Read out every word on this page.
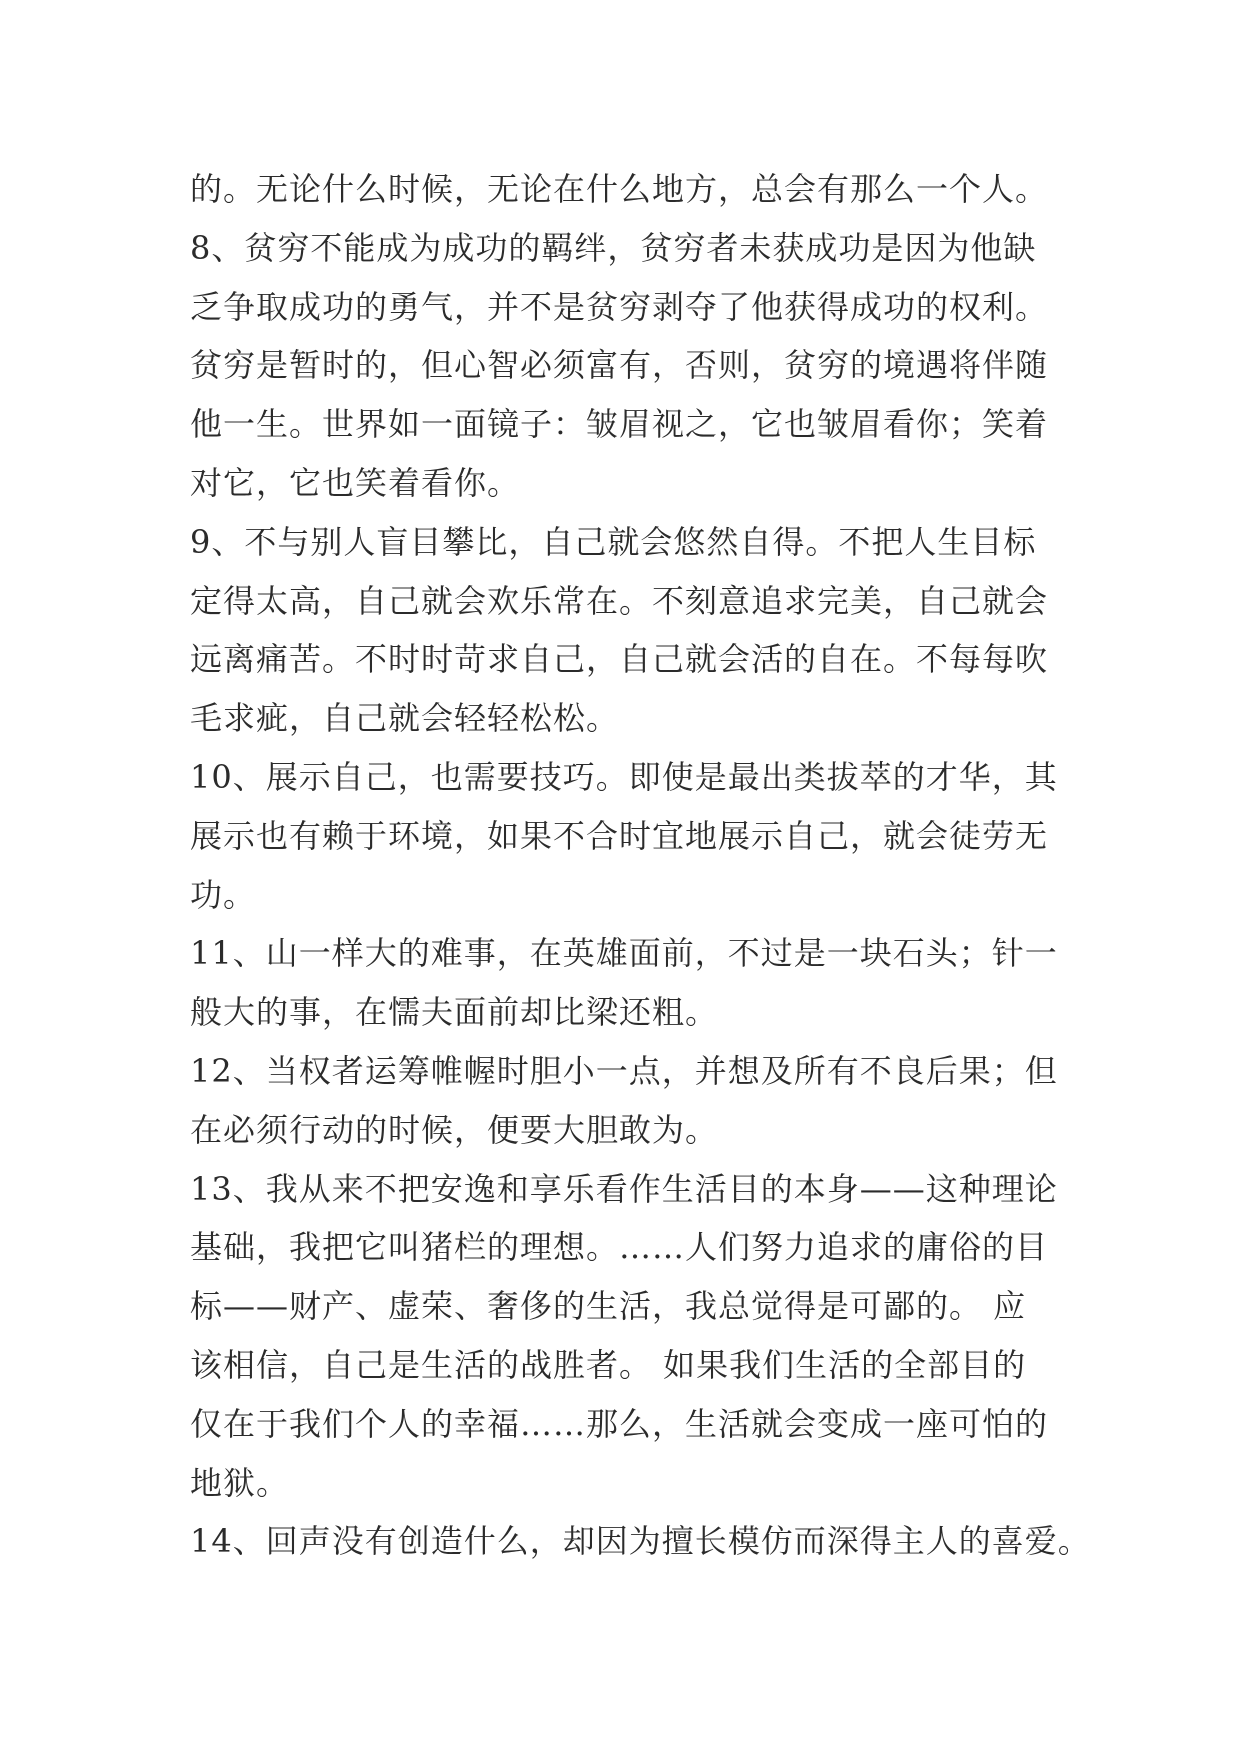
的。无论什么时候，无论在什么地方，总会有那么一个人。
8、贫穷不能成为成功的羁绊，贫穷者未获成功是因为他缺
乏争取成功的勇气，并不是贫穷剥夺了他获得成功的权利。
贫穷是暂时的，但心智必须富有，否则，贫穷的境遇将伴随
他一生。世界如一面镜子：皱眉视之，它也皱眉看你；笑着
对它，它也笑着看你。
9、不与别人盲目攀比，自己就会悠然自得。不把人生目标
定得太高，自己就会欢乐常在。不刻意追求完美，自己就会
远离痛苦。不时时苛求自己，自己就会活的自在。不每每吹
毛求疵，自己就会轻轻松松。
10、展示自己，也需要技巧。即使是最出类拔萃的才华，其
展示也有赖于环境，如果不合时宜地展示自己，就会徒劳无
功。
11、山一样大的难事，在英雄面前，不过是一块石头；针一
般大的事，在懦夫面前却比梁还粗。
12、当权者运筹帷幄时胆小一点，并想及所有不良后果；但
在必须行动的时候，便要大胆敢为。
13、我从来不把安逸和享乐看作生活目的本身——这种理论
基础，我把它叫猪栏的理想。……人们努力追求的庸俗的目
标——财产、虚荣、奢侈的生活，我总觉得是可鄙的。 应
该相信，自己是生活的战胜者。 如果我们生活的全部目的
仅在于我们个人的幸福……那么，生活就会变成一座可怕的
地狱。
14、回声没有创造什么，却因为擅长模仿而深得主人的喜爱。
